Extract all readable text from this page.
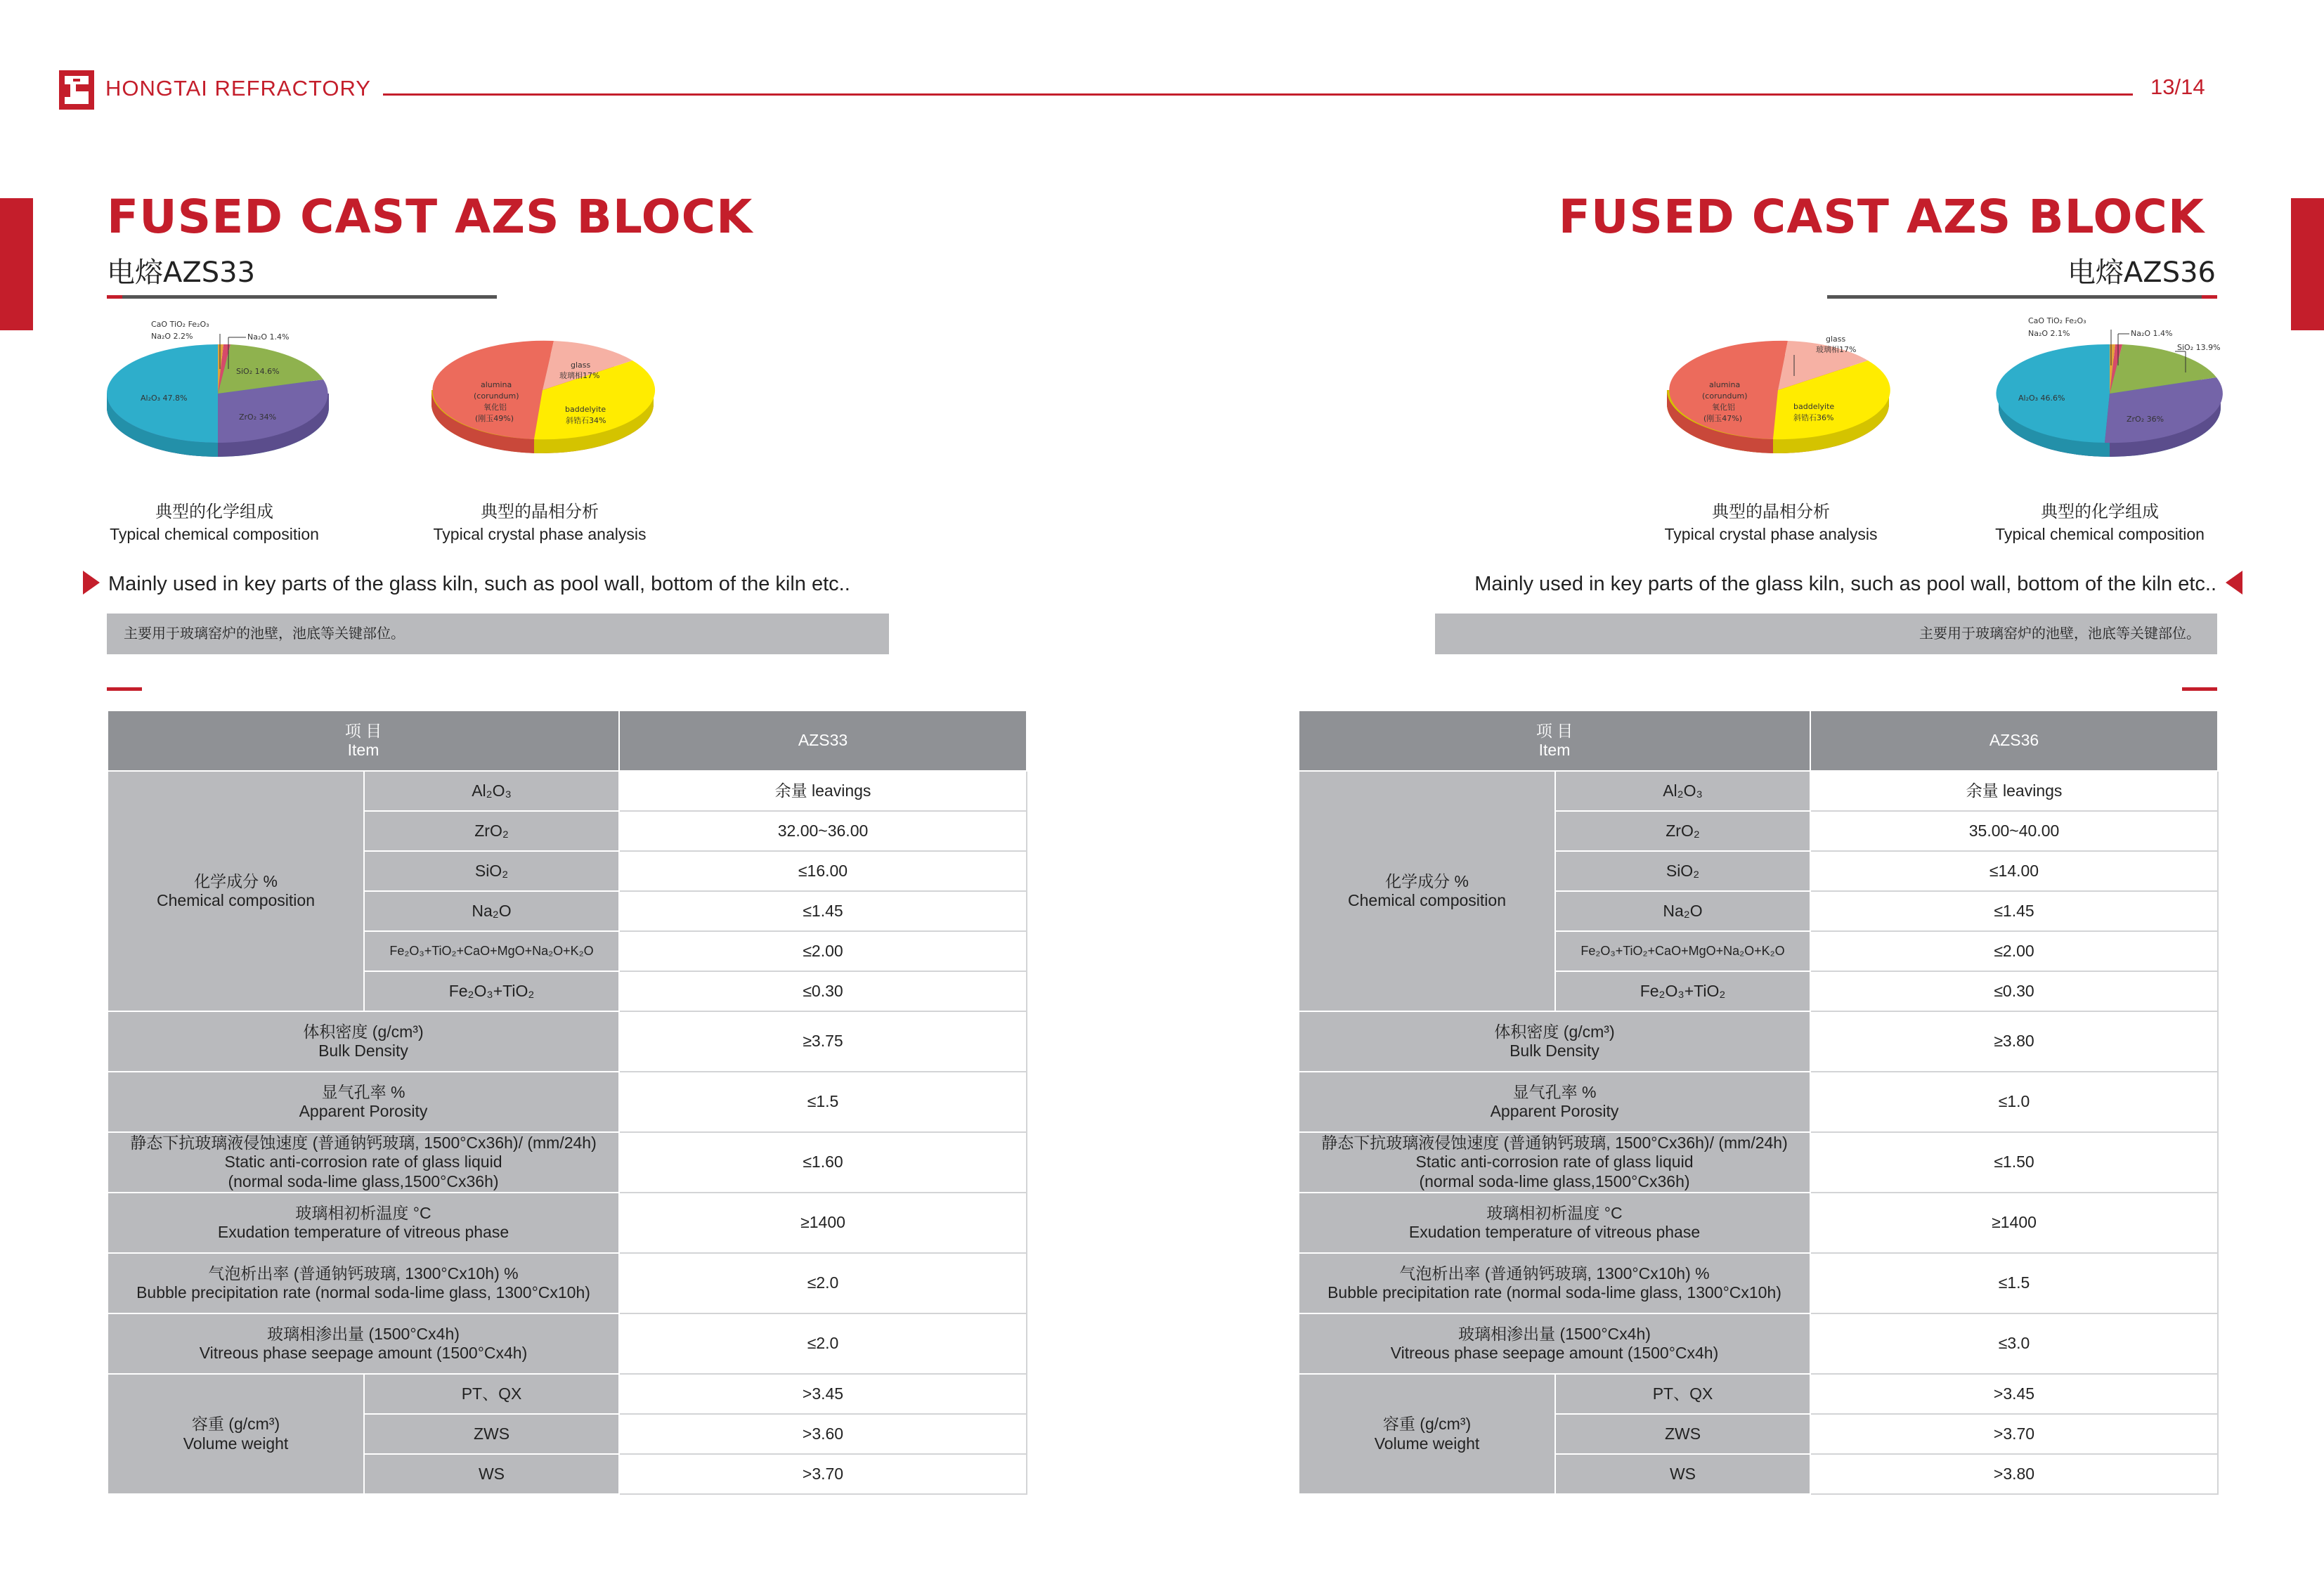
HONGTAI REFRACTORY	13/14
FUSED CAST AZS BLOCK
电熔AZS33
CaO TiO₂ Fe₂O₃
Na₂O 2.2%	Na₂O 1.4%
SiO₂ 14.6%
Al₂O₃ 47.8%
ZrO₂ 34%
glass
玻璃相17%
alumina
(corundum)
氧化铝
(刚玉49%)
baddelyite
斜锆石34%
典型的化学组成
Typical chemical composition
典型的晶相分析
Typical crystal phase analysis
Mainly used in key parts of the glass kiln, such as pool wall, bottom of the kiln etc..
主要用于玻璃窑炉的池壁，池底等关键部位。
项 目
Item		AZS33

化学成分 %
Chemical composition	Al₂O₃	余量 leavings
	ZrO₂	32.00~36.00
	SiO₂	≤16.00
	Na₂O	≤1.45
	Fe₂O₃+TiO₂+CaO+MgO+Na₂O+K₂O	≤2.00
	Fe₂O₃+TiO₂	≤0.30

体积密度 (g/cm³)
Bulk Density		≥3.75

显气孔率 %
Apparent Porosity		≤1.5

静态下抗玻璃液侵蚀速度 (普通钠钙玻璃, 1500°Cx36h)/ (mm/24h)
Static anti-corrosion rate of glass liquid
(normal soda-lime glass,1500°Cx36h)		≤1.60

玻璃相初析温度 °C
Exudation temperature of vitreous phase		≥1400

气泡析出率 (普通钠钙玻璃, 1300°Cx10h) %
Bubble precipitation rate (normal soda-lime glass, 1300°Cx10h)		≤2.0

玻璃相渗出量 (1500°Cx4h)
Vitreous phase seepage amount (1500°Cx4h)		≤2.0

容重 (g/cm³)
Volume weight	PT、QX	>3.45
	ZWS	>3.60
	WS	>3.70
FUSED CAST AZS BLOCK
电熔AZS36
glass
玻璃相17%
alumina
(corundum)
氧化铝
(刚玉47%)
baddelyite
斜锆石36%
CaO TiO₂ Fe₂O₃
Na₂O 2.1%	Na₂O 1.4%
SiO₂ 13.9%
Al₂O₃ 46.6%
ZrO₂ 36%
典型的晶相分析
Typical crystal phase analysis
典型的化学组成
Typical chemical composition
Mainly used in key parts of the glass kiln, such as pool wall, bottom of the kiln etc..
主要用于玻璃窑炉的池壁，池底等关键部位。
项 目
Item		AZS36

化学成分 %
Chemical composition	Al₂O₃	余量 leavings
	ZrO₂	35.00~40.00
	SiO₂	≤14.00
	Na₂O	≤1.45
	Fe₂O₃+TiO₂+CaO+MgO+Na₂O+K₂O	≤2.00
	Fe₂O₃+TiO₂	≤0.30

体积密度 (g/cm³)
Bulk Density		≥3.80

显气孔率 %
Apparent Porosity		≤1.0

静态下抗玻璃液侵蚀速度 (普通钠钙玻璃, 1500°Cx36h)/ (mm/24h)
Static anti-corrosion rate of glass liquid
(normal soda-lime glass,1500°Cx36h)		≤1.50

玻璃相初析温度 °C
Exudation temperature of vitreous phase		≥1400

气泡析出率 (普通钠钙玻璃, 1300°Cx10h) %
Bubble precipitation rate (normal soda-lime glass, 1300°Cx10h)		≤1.5

玻璃相渗出量 (1500°Cx4h)
Vitreous phase seepage amount (1500°Cx4h)		≤3.0

容重 (g/cm³)
Volume weight	PT、QX	>3.45
	ZWS	>3.70
	WS	>3.80
